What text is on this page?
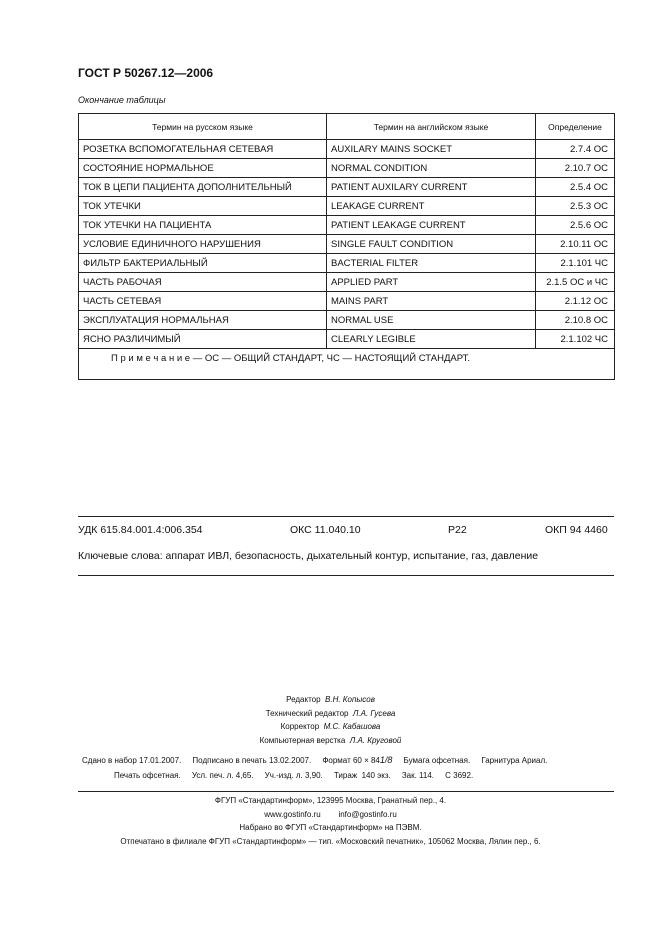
ГОСТ Р 50267.12—2006
Окончание таблицы
Термин на русском языке	Термин на английском языке	Определение
РОЗЕТКА ВСПОМОГАТЕЛЬНАЯ СЕТЕВАЯ	AUXILARY MAINS SOCKET	2.7.4 ОС
СОСТОЯНИЕ НОРМАЛЬНОЕ	NORMAL CONDITION	2.10.7 ОС
ТОК В ЦЕПИ ПАЦИЕНТА ДОПОЛНИТЕЛЬНЫЙ	PATIENT AUXILARY CURRENT	2.5.4 ОС
ТОК УТЕЧКИ	LEAKAGE CURRENT	2.5.3 ОС
ТОК УТЕЧКИ НА ПАЦИЕНТА	PATIENT LEAKAGE CURRENT	2.5.6 ОС
УСЛОВИЕ ЕДИНИЧНОГО НАРУШЕНИЯ	SINGLE FAULT CONDITION	2.10.11 ОС
ФИЛЬТР БАКТЕРИАЛЬНЫЙ	BACTERIAL FILTER	2.1.101 ЧС
ЧАСТЬ РАБОЧАЯ	APPLIED PART	2.1.5 ОС и ЧС
ЧАСТЬ СЕТЕВАЯ	MAINS PART	2.1.12 ОС
ЭКСПЛУАТАЦИЯ НОРМАЛЬНАЯ	NORMAL USE	2.10.8 ОС
ЯСНО РАЗЛИЧИМЫЙ	CLEARLY LEGIBLE	2.1.102 ЧС
П р и м е ч а н и е — ОС — ОБЩИЙ СТАНДАРТ, ЧС — НАСТОЯЩИЙ СТАНДАРТ.		
УДК 615.84.001.4:006.354	ОКС 11.040.10	Р22	ОКП 94 4460
Ключевые слова: аппарат ИВЛ, безопасность, дыхательный контур, испытание, газ, давление
Редактор В.Н. Копысов
Технический редактор Л.А. Гусева
Корректор М.С. Кабашова
Компьютерная верстка Л.А. Круговой
Сдано в набор 17.01.2007. Подписано в печать 13.02.2007. Формат 60 × 841/8 Бумага офсетная. Гарнитура Ариал.
Печать офсетная.     Усл. печ. л. 4,65.     Уч.-изд. л. 3,90.     Тираж  140 экз.     Зак. 114.     С 3692.
ФГУП «Стандартинформ», 123995 Москва, Гранатный пер., 4.
www.gostinfo.ru info@gostinfo.ru
Набрано во ФГУП «Стандартинформ» на ПЭВМ.
Отпечатано в филиале ФГУП «Стандартинформ» — тип. «Московский печатник», 105062 Москва, Лялин пер., 6.
